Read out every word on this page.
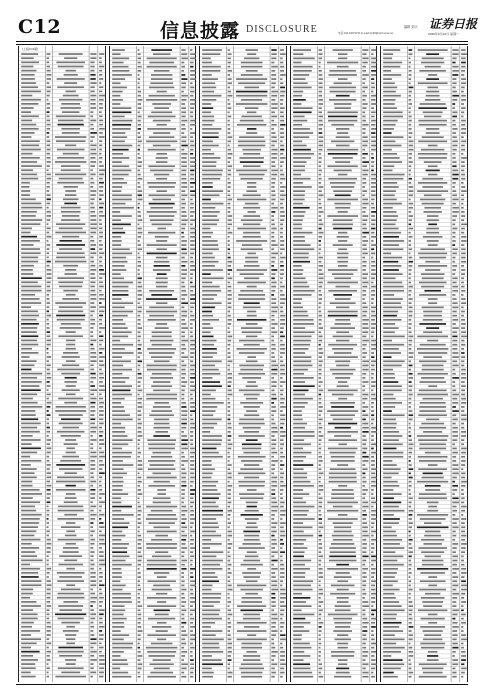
C12	信息披露 DISCLOSURE	编辑 刘天
电话:010-63070711 E-mail:zqrb9@zqrb.sina.net
证券日报
2020年6月22日 星期一
(上接C11版)
